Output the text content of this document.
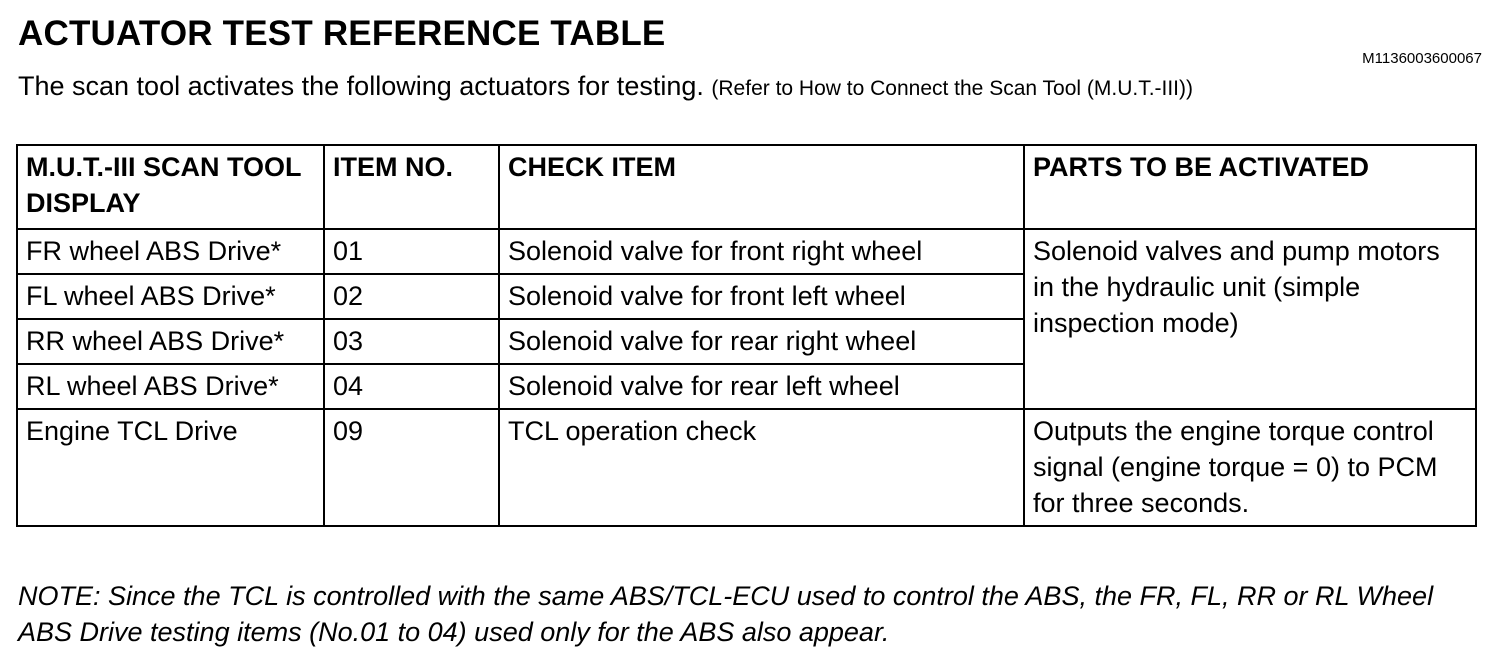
ACTUATOR TEST REFERENCE TABLE
M1136003600067
The scan tool activates the following actuators for testing. (Refer to How to Connect the Scan Tool (M.U.T.-III))
M.U.T.-III SCAN TOOL DISPLAY	ITEM NO.	CHECK ITEM	PARTS TO BE ACTIVATED
FR wheel ABS Drive*	01	Solenoid valve for front right wheel	Solenoid valves and pump motors in the hydraulic unit (simple inspection mode)
FL wheel ABS Drive*	02	Solenoid valve for front left wheel	
RR wheel ABS Drive*	03	Solenoid valve for rear right wheel	
RL wheel ABS Drive*	04	Solenoid valve for rear left wheel	
Engine TCL Drive	09	TCL operation check	Outputs the engine torque control signal (engine torque = 0) to PCM for three seconds.
NOTE: Since the TCL is controlled with the same ABS/TCL-ECU used to control the ABS, the FR, FL, RR or RL Wheel ABS Drive testing items (No.01 to 04) used only for the ABS also appear.
